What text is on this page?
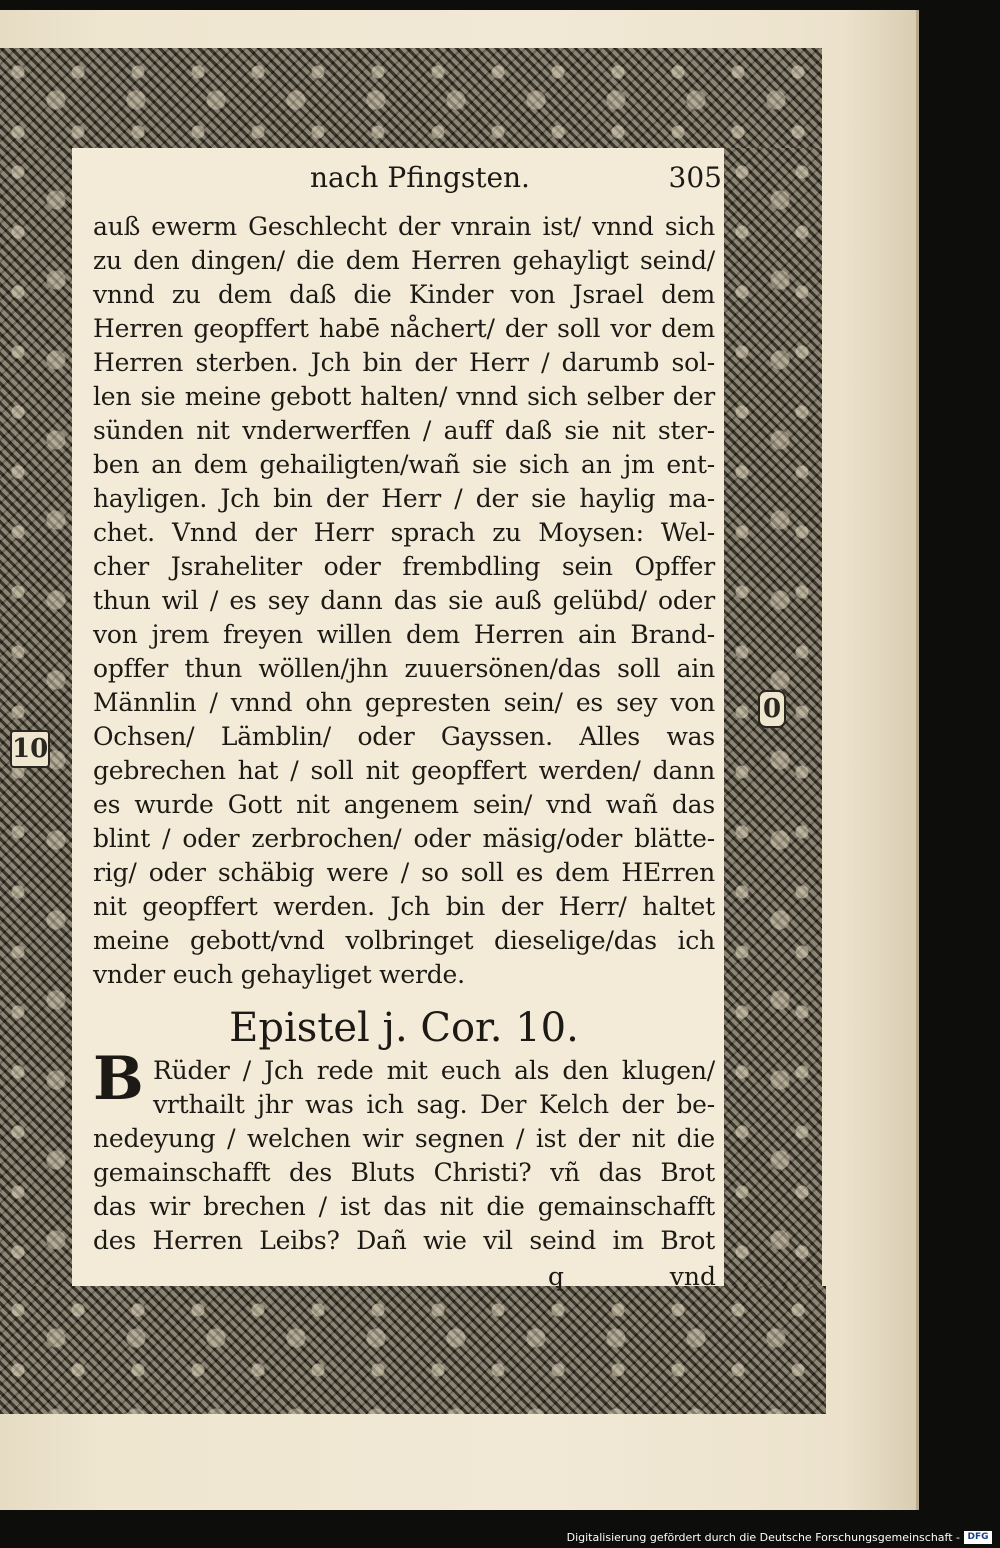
10
0
nach Pfingsten.	305
auß ewerm Geschlecht der vnrain ist/ vnnd sich
zu den dingen/ die dem Herren gehayligt seind/
vnnd zu dem daß die Kinder von Jsrael dem
Herren geopffert habē nåchert/ der soll vor dem
Herren sterben. Jch bin der Herr / darumb sol-
len sie meine gebott halten/ vnnd sich selber der
sünden nit vnderwerffen / auff daß sie nit ster-
ben an dem gehailigten/wañ sie sich an jm ent-
hayligen. Jch bin der Herr / der sie haylig ma-
chet. Vnnd der Herr sprach zu Moysen: Wel-
cher Jsraheliter oder frembdling sein Opffer
thun wil / es sey dann das sie auß gelübd/ oder
von jrem freyen willen dem Herren ain Brand-
opffer thun wöllen/jhn zuuersönen/das soll ain
Männlin / vnnd ohn gepresten sein/ es sey von
Ochsen/ Lämblin/ oder Gayssen. Alles was
gebrechen hat / soll nit geopffert werden/ dann
es wurde Gott nit angenem sein/ vnd wañ das
blint / oder zerbrochen/ oder mäsig/oder blätte-
rig/ oder schäbig were / so soll es dem HErren
nit geopffert werden. Jch bin der Herr/ haltet
meine gebott/vnd volbringet dieselige/das ich
vnder euch gehayliget werde.
Epistel j. Cor. 10.
B Rüder / Jch rede mit euch als den klugen/
vrthailt jhr was ich sag. Der Kelch der be-
nedeyung / welchen wir segnen / ist der nit die
gemainschafft des Bluts Christi? vñ das Brot
das wir brechen / ist das nit die gemainschafft
des Herren Leibs? Dañ wie vil seind im Brot
q	vnd
Digitalisierung gefördert durch die Deutsche Forschungsgemeinschaft - DFG
